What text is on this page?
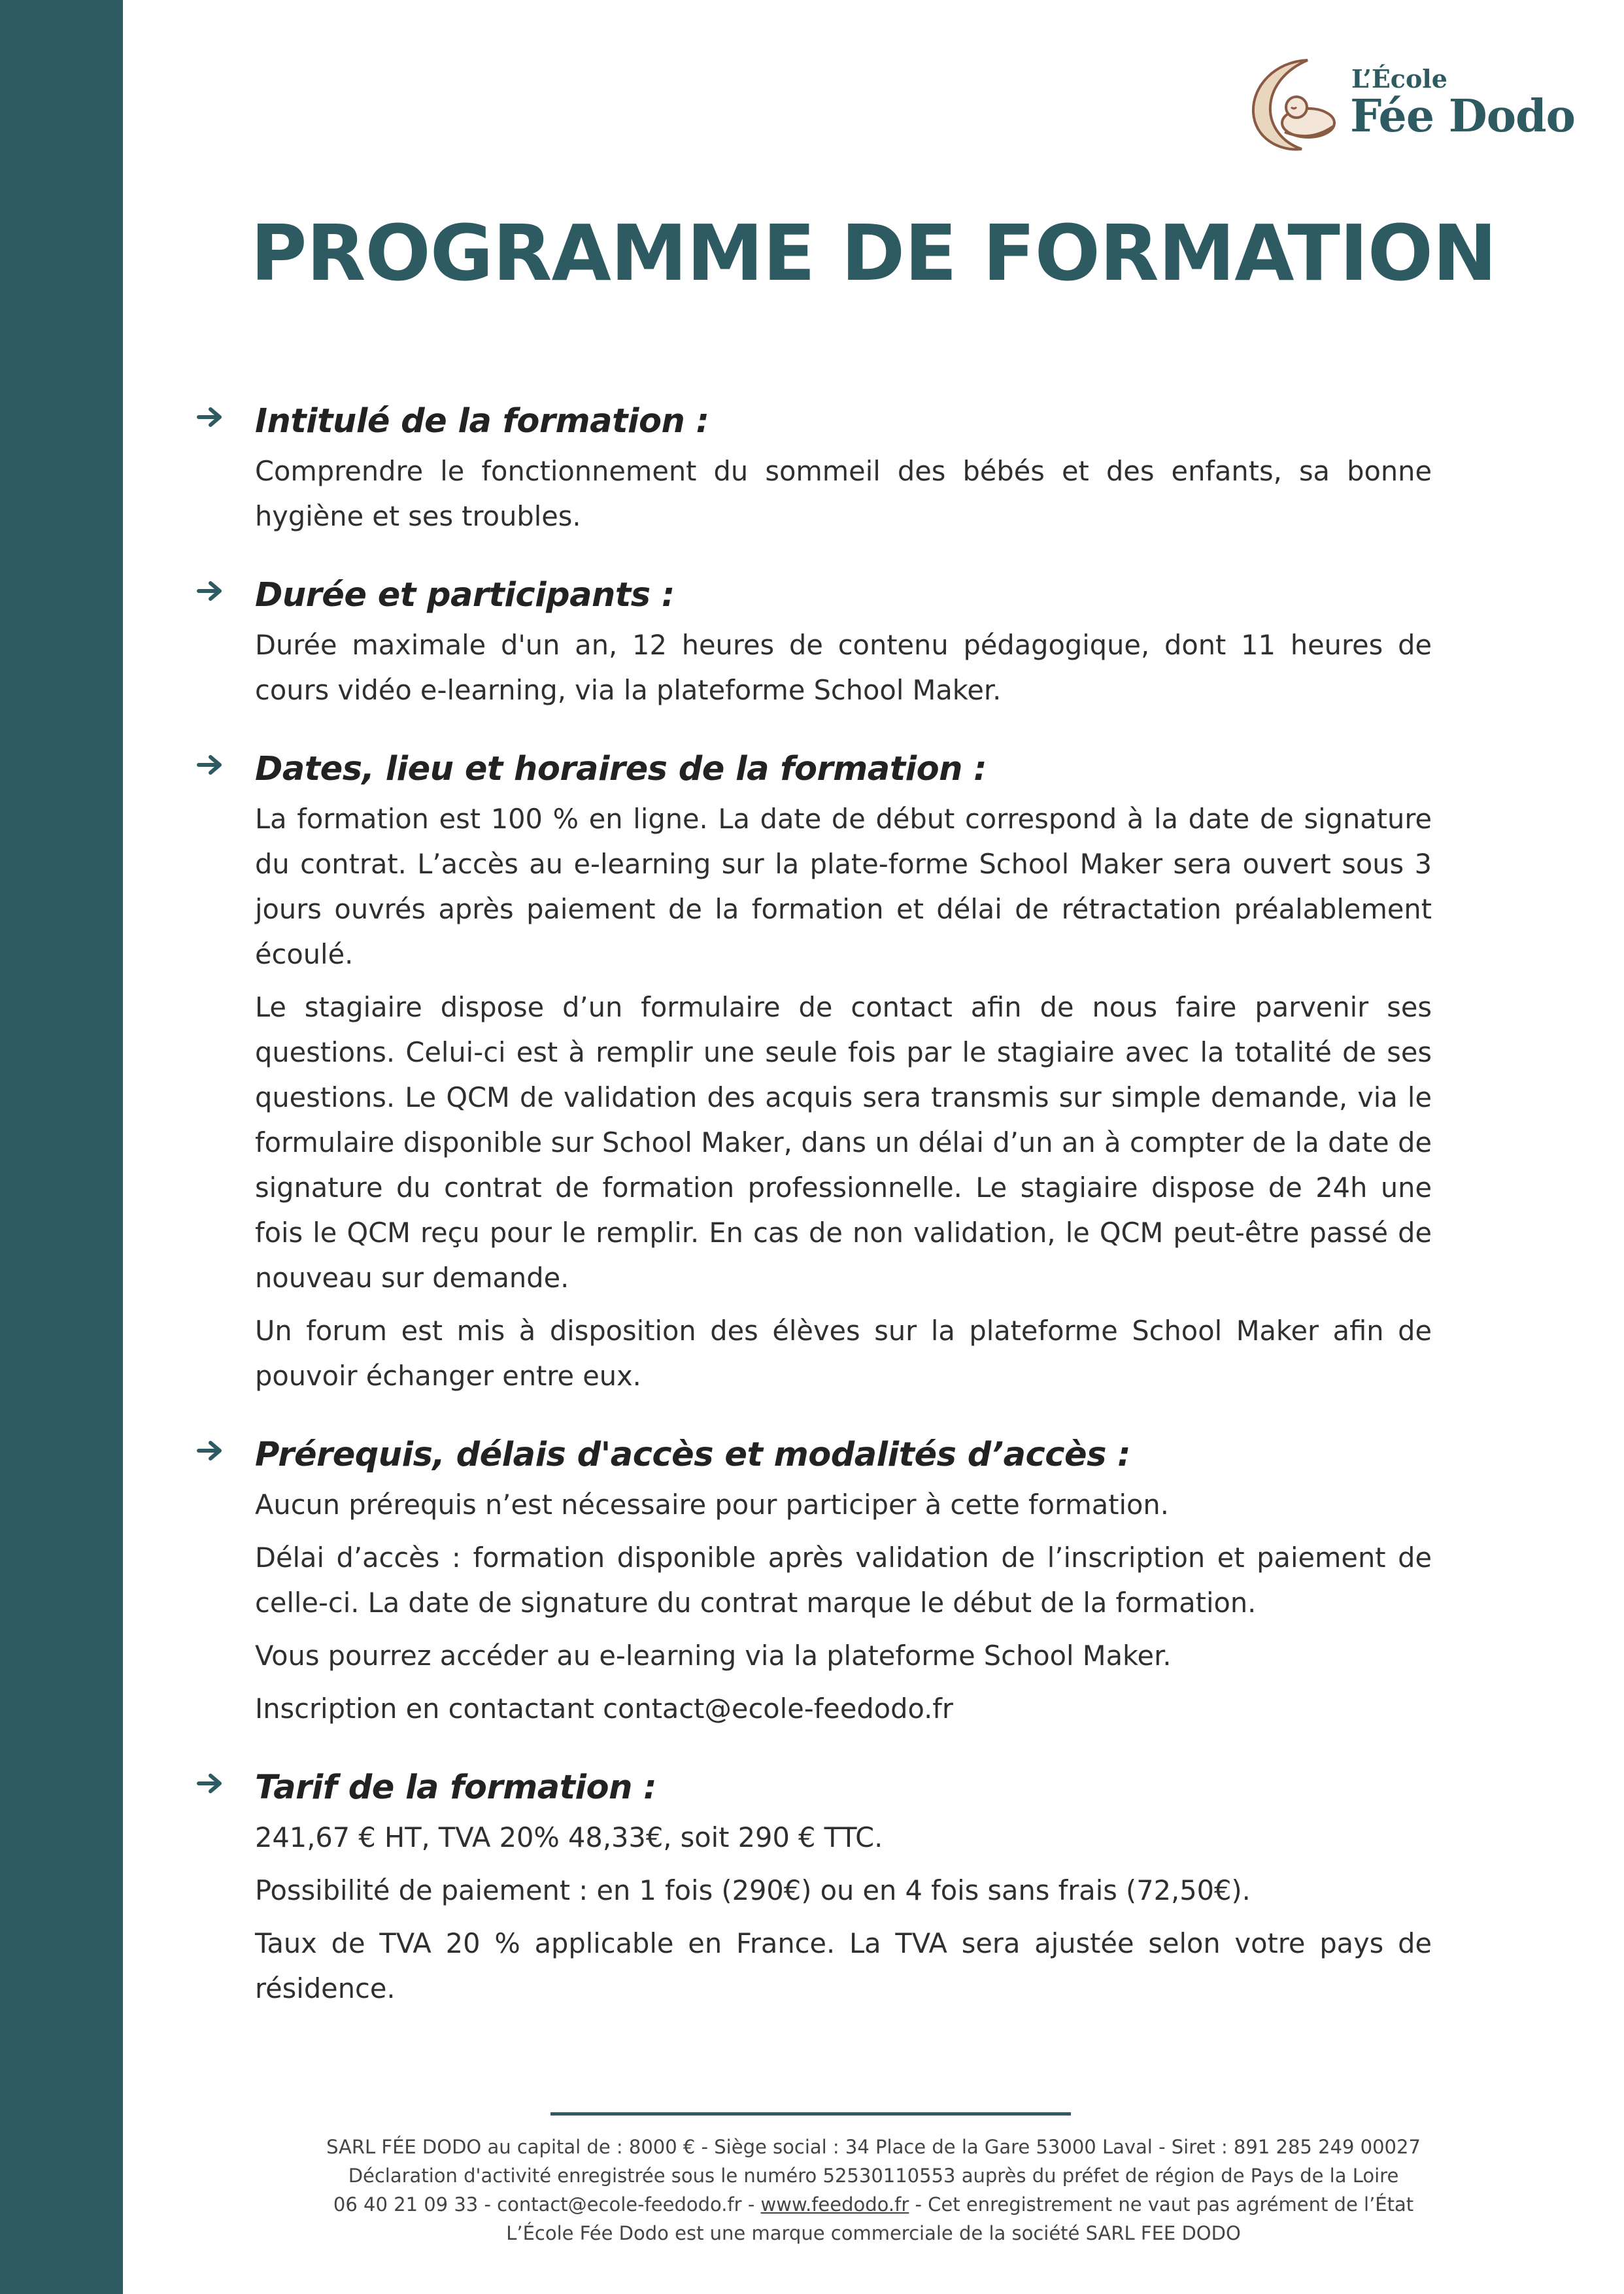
L’École
Fée Dodo
PROGRAMME DE FORMATION

Intitulé de la formation :

Comprendre le fonctionnement du sommeil des bébés et des enfants, sa bonne hygiène et ses troubles.

Durée et participants :

Durée maximale d'un an, 12 heures de contenu pédagogique, dont 11 heures de cours vidéo e-learning, via la plateforme School Maker.

Dates, lieu et horaires de la formation :

La formation est 100 % en ligne. La date de début correspond à la date de signature du contrat. L’accès au e-learning sur la plate-forme School Maker sera ouvert sous 3 jours ouvrés après paiement de la formation et délai de rétractation préalablement écoulé.

Le stagiaire dispose d’un formulaire de contact afin de nous faire parvenir ses questions. Celui-ci est à remplir une seule fois par le stagiaire avec la totalité de ses questions. Le QCM de validation des acquis sera transmis sur simple demande, via le formulaire disponible sur School Maker, dans un délai d’un an à compter de la date de signature du contrat de formation professionnelle. Le stagiaire dispose de 24h une fois le QCM reçu pour le remplir. En cas de non validation, le QCM peut-être passé de nouveau sur demande.

Un forum est mis à disposition des élèves sur la plateforme School Maker afin de pouvoir échanger entre eux.

Prérequis, délais d'accès et modalités d’accès :

Aucun prérequis n’est nécessaire pour participer à cette formation.

Délai d’accès : formation disponible après validation de l’inscription et paiement de celle-ci. La date de signature du contrat marque le début de la formation.

Vous pourrez accéder au e-learning via la plateforme School Maker.

Inscription en contactant contact@ecole-feedodo.fr

Tarif de la formation :

241,67 € HT, TVA 20% 48,33€, soit 290 € TTC.

Possibilité de paiement : en 1 fois (290€) ou en 4 fois sans frais (72,50€).

Taux de TVA 20 % applicable en France. La TVA sera ajustée selon votre pays de résidence.

SARL FÉE DODO au capital de : 8000 € - Siège social : 34 Place de la Gare 53000 Laval - Siret : 891 285 249 00027

Déclaration d'activité enregistrée sous le numéro 52530110553 auprès du préfet de région de Pays de la Loire

06 40 21 09 33 - contact@ecole-feedodo.fr - www.feedodo.fr - Cet enregistrement ne vaut pas agrément de l’État

L’École Fée Dodo est une marque commerciale de la société SARL FEE DODO
